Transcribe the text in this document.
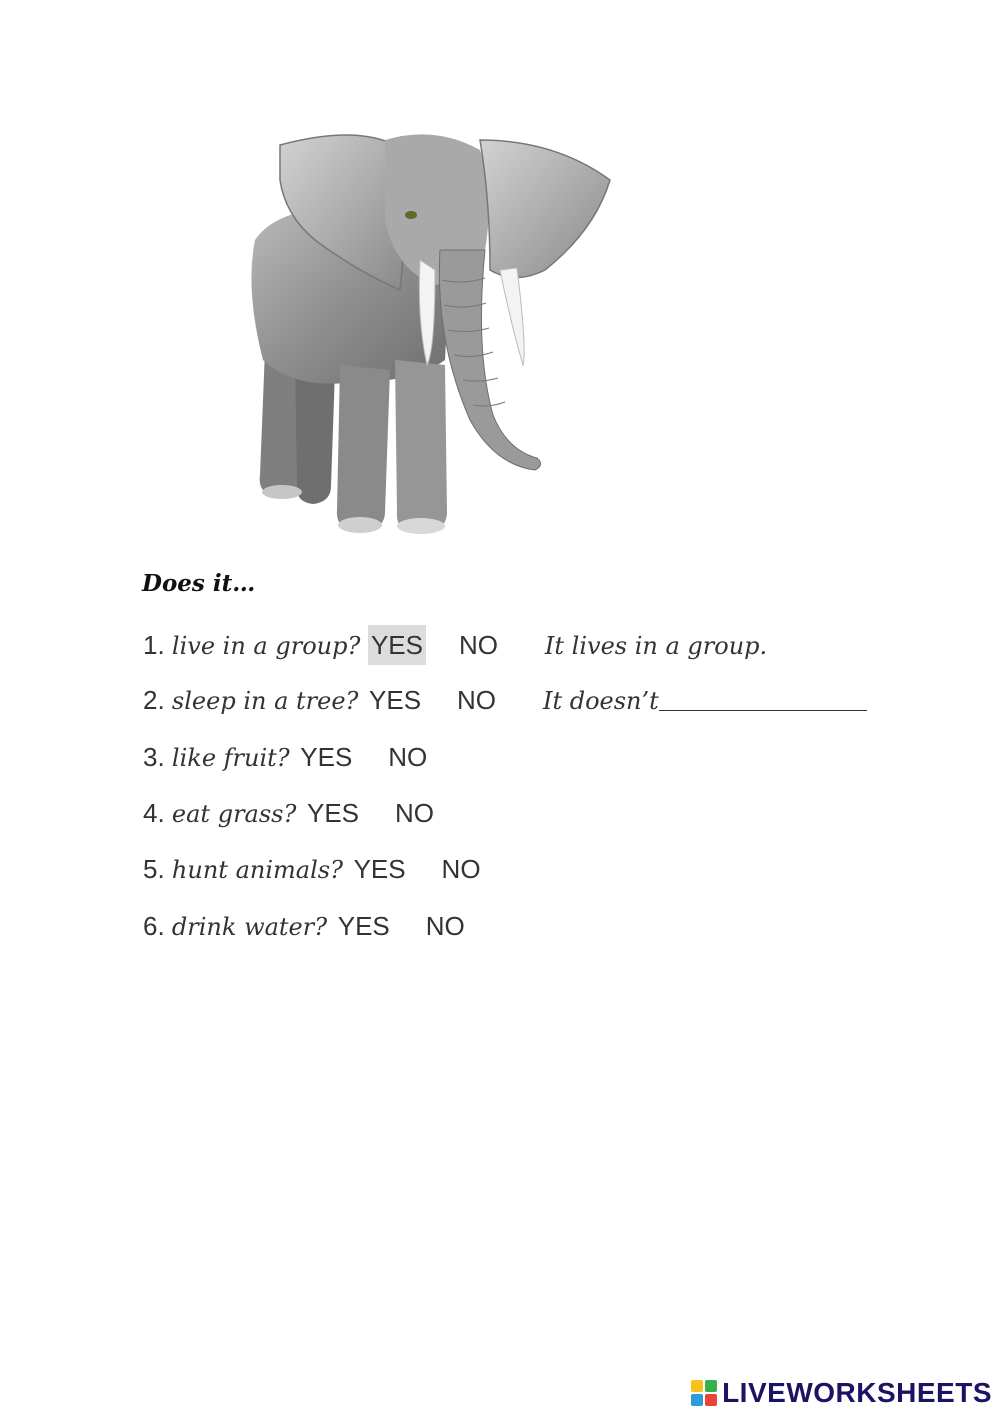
Does it…
1. live in a group? YES NO It lives in a group.
2. sleep in a tree? YES NO It doesn’t
3. like fruit? YES NO
4. eat grass? YES NO
5. hunt animals? YES NO
6. drink water? YES NO
LIVEWORKSHEETS
